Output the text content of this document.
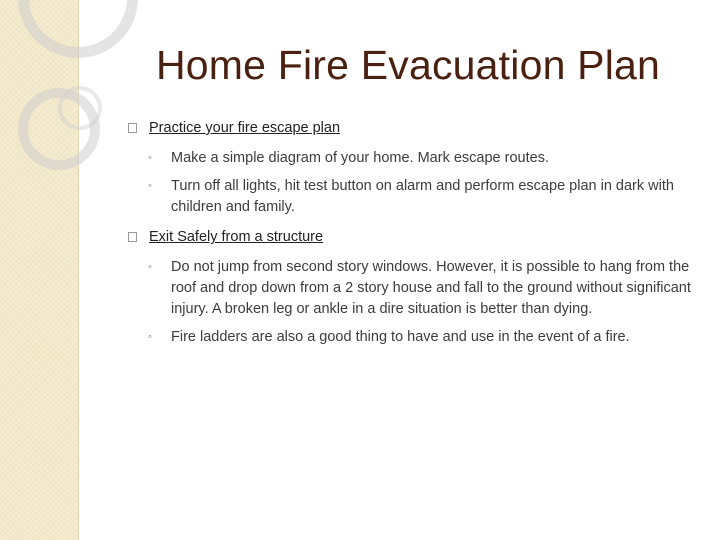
Home Fire Evacuation Plan
Practice your fire escape plan
◦ Make a simple diagram of your home. Mark escape routes.
◦ Turn off all lights, hit test button on alarm and perform escape plan in dark with children and family.
Exit Safely from a structure
◦ Do not jump from second story windows. However, it is possible to hang from the roof and drop down from a 2 story house and fall to the ground without significant injury. A broken leg or ankle in a dire situation is better than dying.
◦ Fire ladders are also a good thing to have and use in the event of a fire.
